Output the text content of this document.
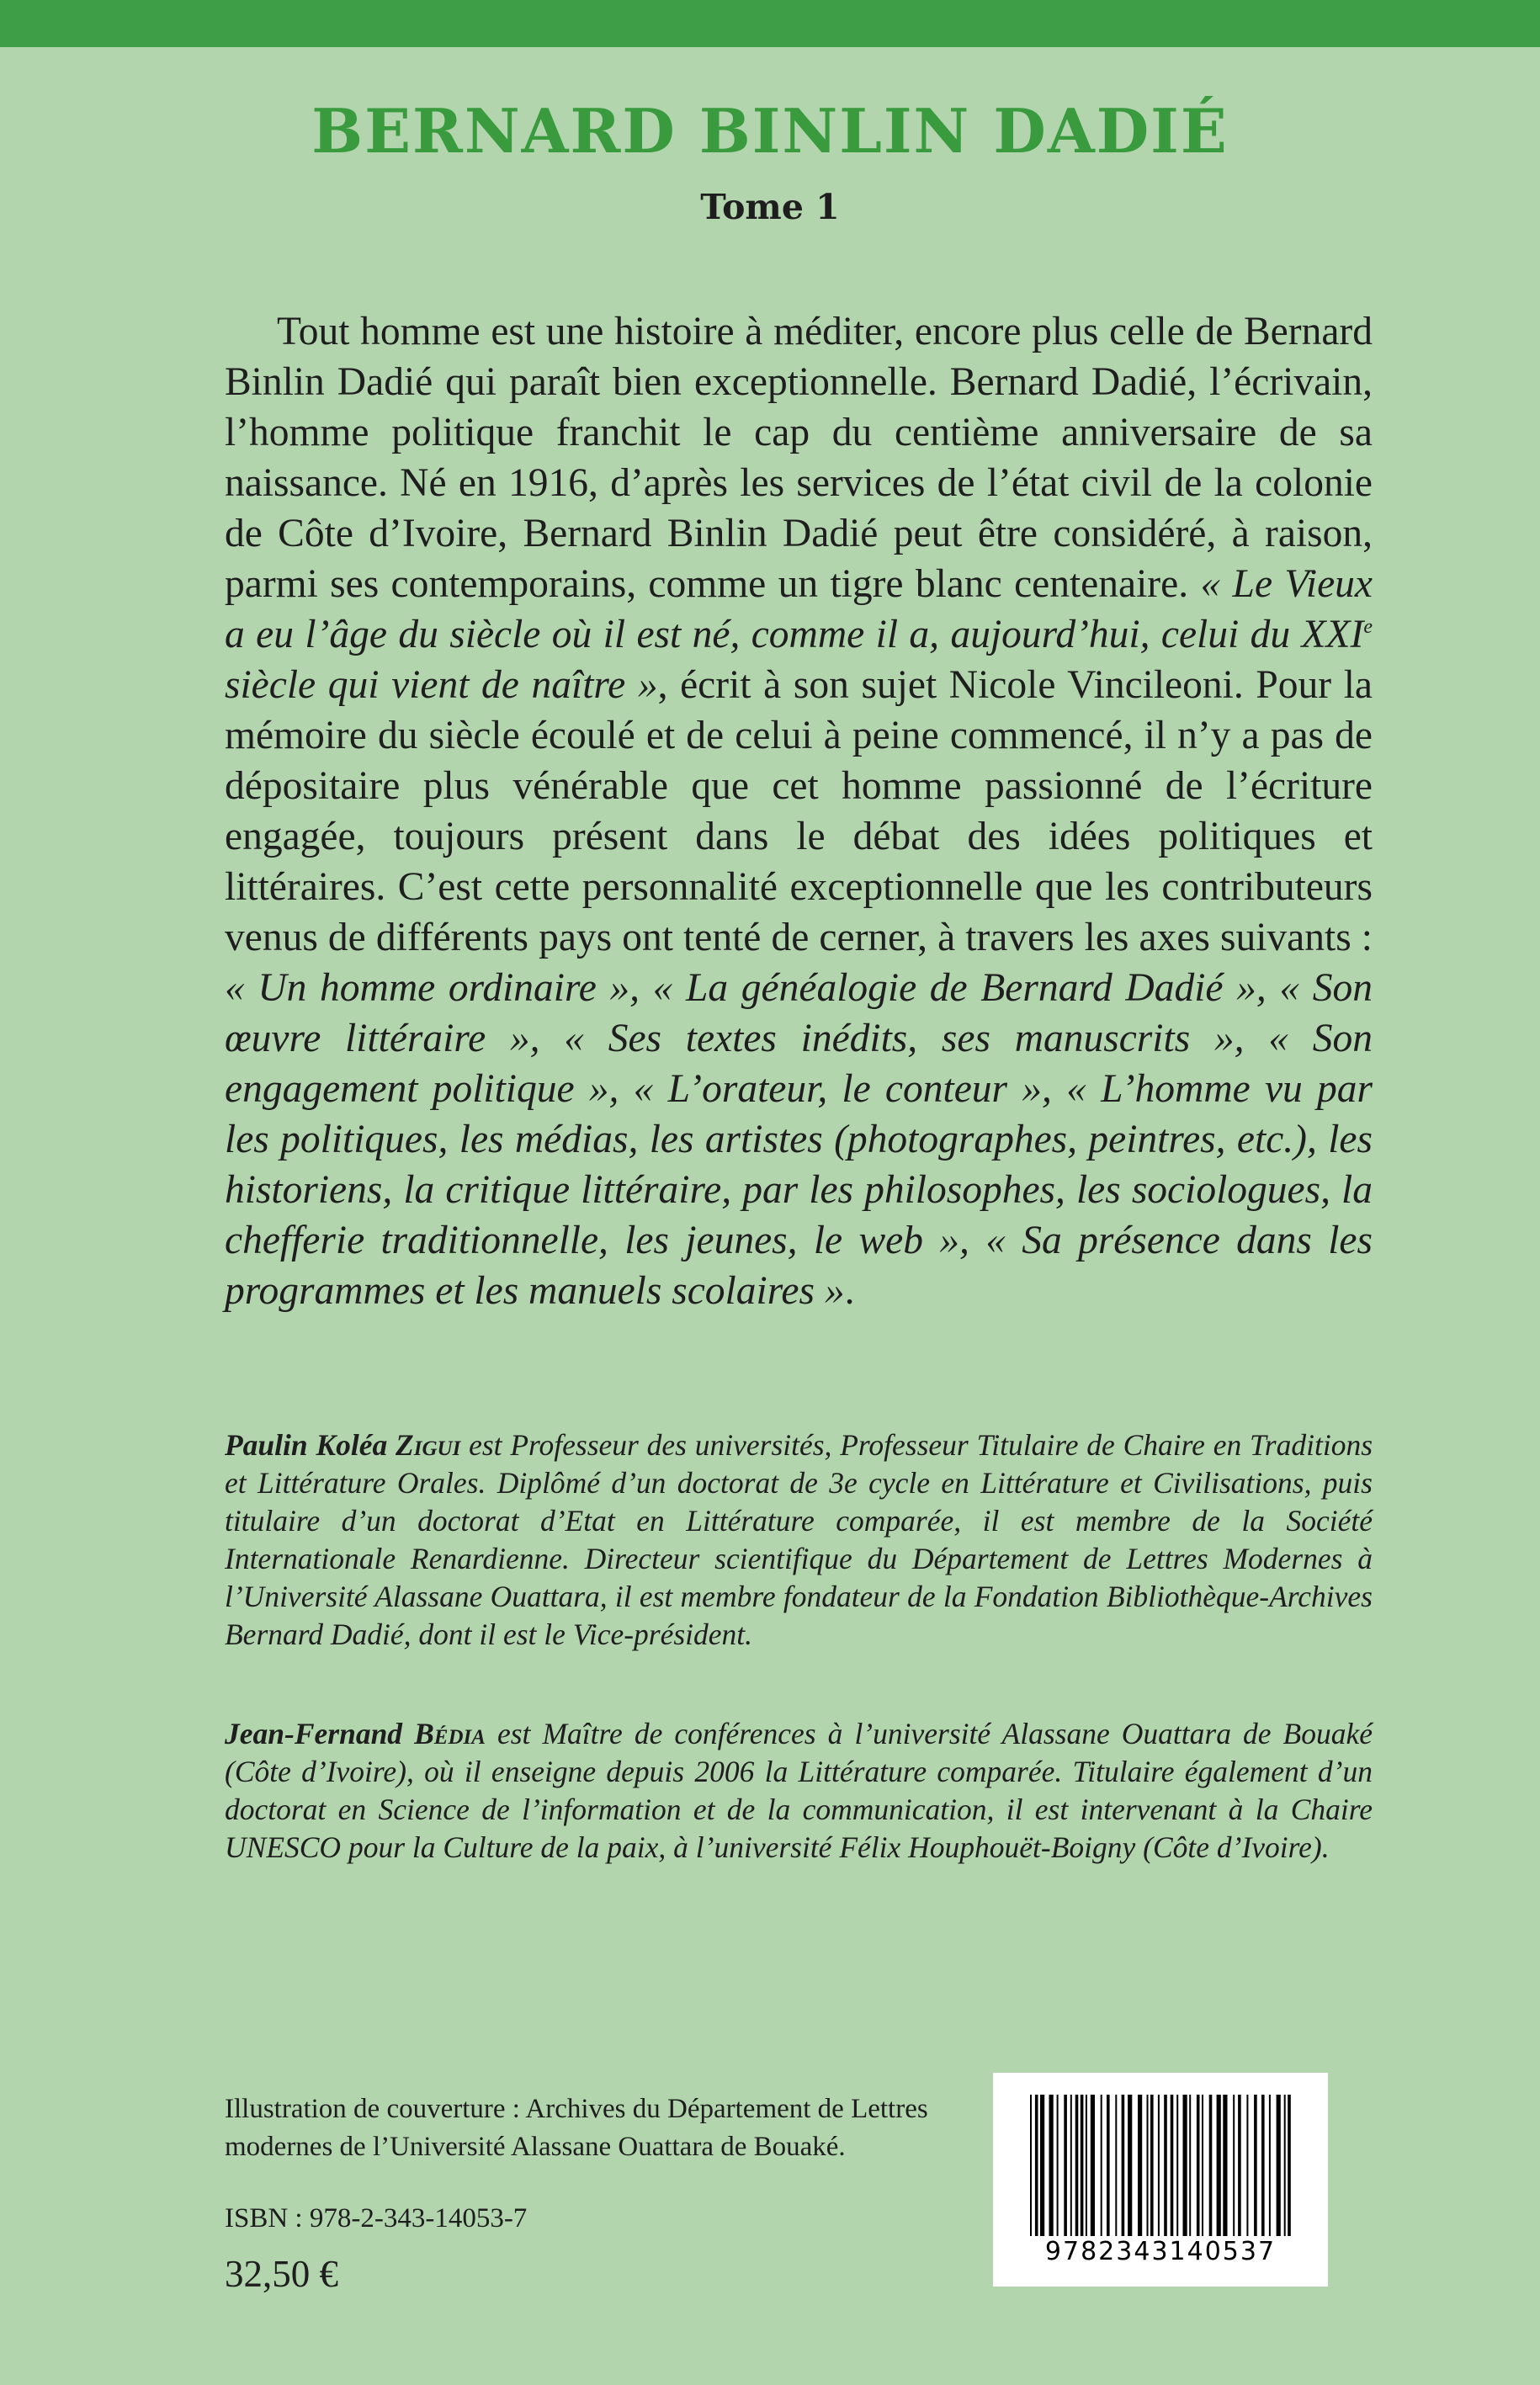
BERNARD BINLIN DADIÉ
Tome 1

Tout homme est une histoire à méditer, encore plus celle de Bernard Binlin Dadié qui paraît bien exceptionnelle. Bernard Dadié, l’écrivain, l’homme politique franchit le cap du centième anniversaire de sa naissance. Né en 1916, d’après les services de l’état civil de la colonie de Côte d’Ivoire, Bernard Binlin Dadié peut être considéré, à raison, parmi ses contemporains, comme un tigre blanc centenaire. « Le Vieux a eu l’âge du siècle où il est né, comme il a, aujourd’hui, celui du XXIe siècle qui vient de naître », écrit à son sujet Nicole Vincileoni. Pour la mémoire du siècle écoulé et de celui à peine commencé, il n’y a pas de dépositaire plus vénérable que cet homme passionné de l’écriture engagée, toujours présent dans le débat des idées politiques et littéraires. C’est cette personnalité exceptionnelle que les contributeurs venus de différents pays ont tenté de cerner, à travers les axes suivants : « Un homme ordinaire », « La généalogie de Bernard Dadié », « Son œuvre littéraire », « Ses textes inédits, ses manuscrits », « Son engagement politique », « L’orateur, le conteur », « L’homme vu par les politiques, les médias, les artistes (photographes, peintres, etc.), les historiens, la critique littéraire, par les philosophes, les sociologues, la chefferie traditionnelle, les jeunes, le web », « Sa présence dans les programmes et les manuels scolaires ».

Paulin Koléa Zigui est Professeur des universités, Professeur Titulaire de Chaire en Traditions et Littérature Orales. Diplômé d’un doctorat de 3e cycle en Littérature et Civilisations, puis titulaire d’un doctorat d’Etat en Littérature comparée, il est membre de la Société Internationale Renardienne. Directeur scientifique du Département de Lettres Modernes à l’Université Alassane Ouattara, il est membre fondateur de la Fondation Bibliothèque-Archives Bernard Dadié, dont il est le Vice-président.

Jean-Fernand Bédia est Maître de conférences à l’université Alassane Ouattara de Bouaké (Côte d’Ivoire), où il enseigne depuis 2006 la Littérature comparée. Titulaire également d’un doctorat en Science de l’information et de la communication, il est intervenant à la Chaire UNESCO pour la Culture de la paix, à l’université Félix Houphouët-Boigny (Côte d’Ivoire).

Illustration de couverture : Archives du Département de Lettres modernes de l’Université Alassane Ouattara de Bouaké.

ISBN : 978-2-343-14053-7
32,50 €
9782343140537
